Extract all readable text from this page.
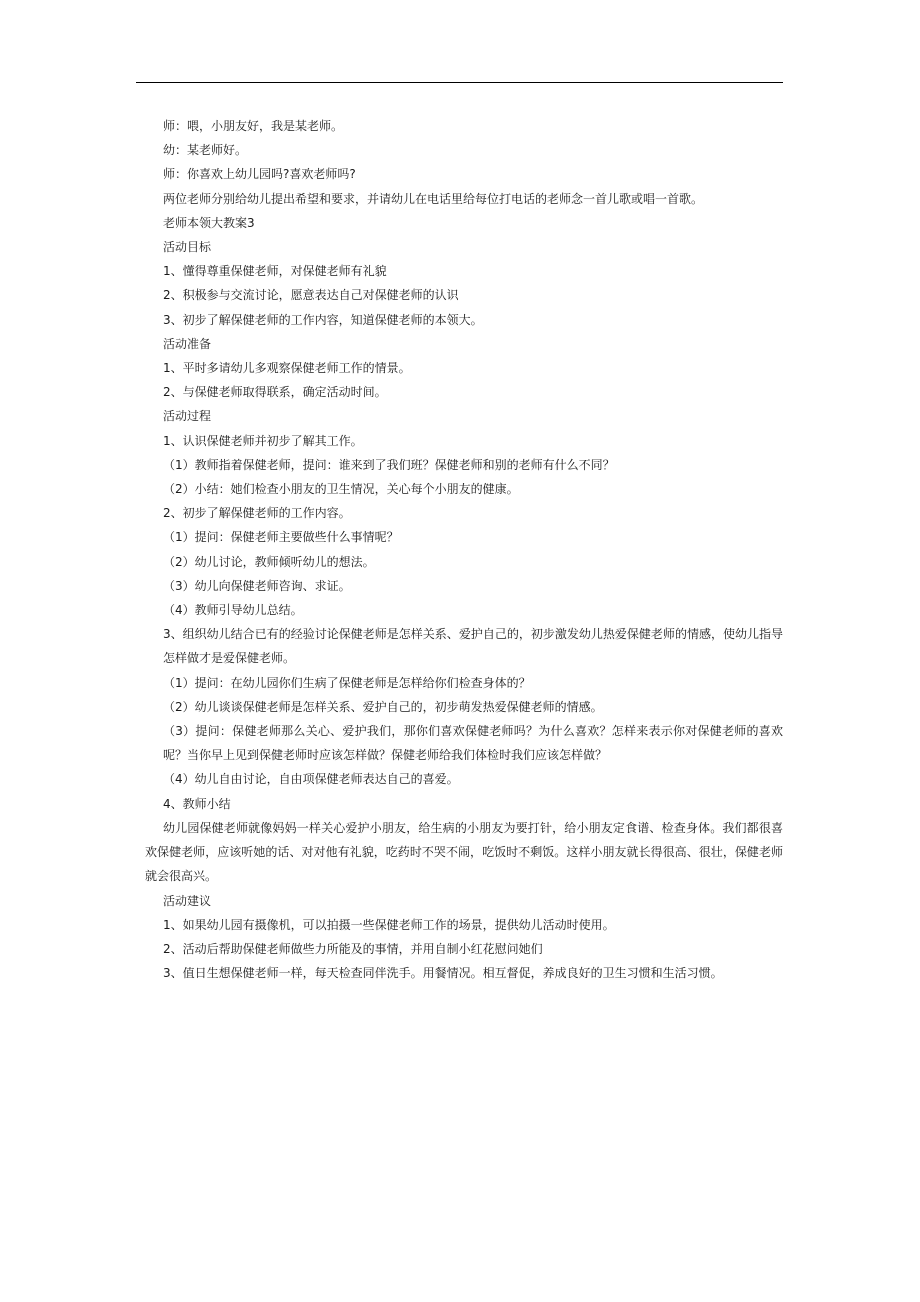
师：喂，小朋友好，我是某老师。
幼：某老师好。
师：你喜欢上幼儿园吗?喜欢老师吗?
两位老师分别给幼儿提出希望和要求，并请幼儿在电话里给每位打电话的老师念一首儿歌或唱一首歌。
老师本领大教案3
活动目标
1、懂得尊重保健老师，对保健老师有礼貌
2、积极参与交流讨论，愿意表达自己对保健老师的认识
3、初步了解保健老师的工作内容，知道保健老师的本领大。
活动准备
1、平时多请幼儿多观察保健老师工作的情景。
2、与保健老师取得联系，确定活动时间。
活动过程
1、认识保健老师并初步了解其工作。
（1）教师指着保健老师，提问：谁来到了我们班？保健老师和别的老师有什么不同？
（2）小结：她们检查小朋友的卫生情况，关心每个小朋友的健康。
2、初步了解保健老师的工作内容。
（1）提问：保健老师主要做些什么事情呢？
（2）幼儿讨论，教师倾听幼儿的想法。
（3）幼儿向保健老师咨询、求证。
（4）教师引导幼儿总结。
3、组织幼儿结合已有的经验讨论保健老师是怎样关系、爱护自己的，初步激发幼儿热爱保健老师的情感，使幼儿指导怎样做才是爱保健老师。
（1）提问：在幼儿园你们生病了保健老师是怎样给你们检查身体的？
（2）幼儿谈谈保健老师是怎样关系、爱护自己的，初步萌发热爱保健老师的情感。
（3）提问：保健老师那么关心、爱护我们，那你们喜欢保健老师吗？为什么喜欢？怎样来表示你对保健老师的喜欢呢？当你早上见到保健老师时应该怎样做？保健老师给我们体检时我们应该怎样做？
（4）幼儿自由讨论，自由项保健老师表达自己的喜爱。
4、教师小结
幼儿园保健老师就像妈妈一样关心爱护小朋友，给生病的小朋友为要打针，给小朋友定食谱、检查身体。我们都很喜欢保健老师，应该听她的话、对对他有礼貌，吃药时不哭不闹，吃饭时不剩饭。这样小朋友就长得很高、很壮，保健老师就会很高兴。
活动建议
1、如果幼儿园有摄像机，可以拍摄一些保健老师工作的场景，提供幼儿活动时使用。
2、活动后帮助保健老师做些力所能及的事情，并用自制小红花慰问她们
3、值日生想保健老师一样，每天检查同伴洗手。用餐情况。相互督促，养成良好的卫生习惯和生活习惯。
